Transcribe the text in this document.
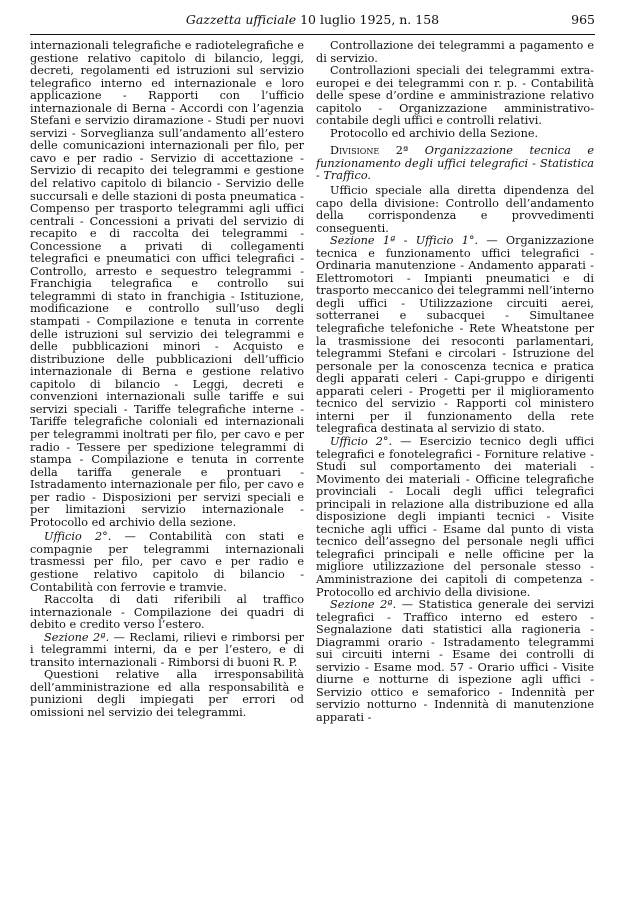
Gazzetta ufficiale 10 luglio 1925, n. 158	965

internazionali telegrafiche e radiotelegrafiche e gestione relativo capitolo di bilancio, leggi, decreti, regolamenti ed istruzioni sul servizio telegrafico interno ed internazionale e loro applicazione - Rapporti con l’ufficio internazionale di Berna - Accordi con l’agenzia Stefani e servizio diramazione - Studi per nuovi servizi - Sorveglianza sull’andamento all’estero delle comunicazioni internazionali per filo, per cavo e per radio - Servizio di accettazione - Servizio di recapito dei telegrammi e gestione del relativo capitolo di bilancio - Servizio delle succursali e delle stazioni di posta pneumatica - Compenso per trasporto telegrammi agli uffici centrali - Concessioni a privati del servizio di recapito e di raccolta dei telegrammi - Concessione a privati di collegamenti telegrafici e pneumatici con uffici telegrafici - Controllo, arresto e sequestro telegrammi - Franchigia telegrafica e controllo sui telegrammi di stato in franchigia - Istituzione, modificazione e controllo sull’uso degli stampati - Compilazione e tenuta in corrente delle istruzioni sul servizio dei telegrammi e delle pubblicazioni minori - Acquisto e distribuzione delle pubblicazioni dell’ufficio internazionale di Berna e gestione relativo capitolo di bilancio - Leggi, decreti e convenzioni internazionali sulle tariffe e sui servizi speciali - Tariffe telegrafiche interne - Tariffe telegrafiche coloniali ed internazionali per telegrammi inoltrati per filo, per cavo e per radio - Tessere per spedizione telegrammi di stampa - Compilazione e tenuta in corrente della tariffa generale e prontuari - Istradamento internazionale per filo, per cavo e per radio - Disposizioni per servizi speciali e per limitazioni servizio internazionale - Protocollo ed archivio della sezione.

Ufficio 2°. — Contabilità con stati e compagnie per telegrammi internazionali trasmessi per filo, per cavo e per radio e gestione relativo capitolo di bilancio - Contabilità con ferrovie e tramvie.

Raccolta di dati riferibili al traffico internazionale - Compilazione dei quadri di debito e credito verso l’estero.

Sezione 2ª. — Reclami, rilievi e rimborsi per i telegrammi interni, da e per l’estero, e di transito internazionali - Rimborsi di buoni R. P.

Questioni relative alla irresponsabilità dell’amministrazione ed alla responsabilità e punizioni degli impiegati per errori od omissioni nel servizio dei telegrammi.

Controllazione dei telegrammi a pagamento e di servizio.

Controllazioni speciali dei telegrammi extra-europei e dei telegrammi con r. p. - Contabilità delle spese d’ordine e amministrazione relativo capitolo - Organizzazione amministrativo-contabile degli uffici e controlli relativi.

Protocollo ed archivio della Sezione.

Divisione 2ª Organizzazione tecnica e funzionamento degli uffici telegrafici - Statistica - Traffico.

Ufficio speciale alla diretta dipendenza del capo della divisione: Controllo dell’andamento della corrispondenza e provvedimenti conseguenti.

Sezione 1ª - Ufficio 1°. — Organizzazione tecnica e funzionamento uffici telegrafici - Ordinaria manutenzione - Andamento apparati - Elettromotori - Impianti pneumatici e di trasporto meccanico dei telegrammi nell’interno degli uffici - Utilizzazione circuiti aerei, sotterranei e subacquei - Simultanee telegrafiche telefoniche - Rete Wheatstone per la trasmissione dei resoconti parlamentari, telegrammi Stefani e circolari - Istruzione del personale per la conoscenza tecnica e pratica degli apparati celeri - Capi-gruppo e dirigenti apparati celeri - Progetti per il miglioramento tecnico del servizio - Rapporti col ministero interni per il funzionamento della rete telegrafica destinata al servizio di stato.

Ufficio 2°. — Esercizio tecnico degli uffici telegrafici e fonotelegrafici - Forniture relative - Studi sul comportamento dei materiali - Movimento dei materiali - Officine telegrafiche provinciali - Locali degli uffici telegrafici principali in relazione alla distribuzione ed alla disposizione degli impianti tecnici - Visite tecniche agli uffici - Esame dal punto di vista tecnico dell’assegno del personale negli uffici telegrafici principali e nelle officine per la migliore utilizzazione del personale stesso - Amministrazione dei capitoli di competenza - Protocollo ed archivio della divisione.

Sezione 2ª. — Statistica generale dei servizi telegrafici - Traffico interno ed estero - Segnalazione dati statistici alla ragioneria - Diagrammi orario - Istradamento telegrammi sui circuiti interni - Esame dei controlli di servizio - Esame mod. 57 - Orario uffici - Visite diurne e notturne di ispezione agli uffici - Servizio ottico e semaforico - Indennità per servizio notturno - Indennità di manutenzione apparati -
